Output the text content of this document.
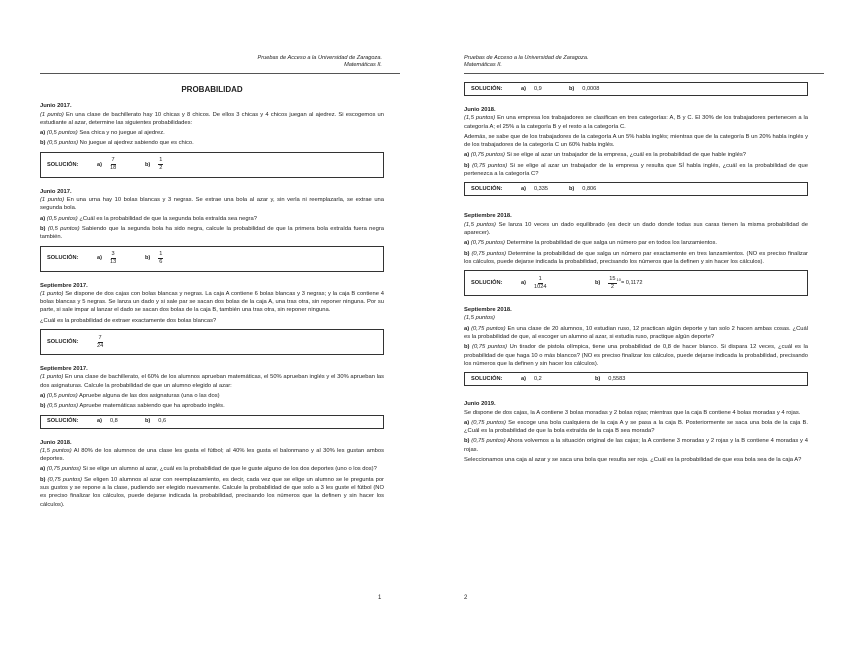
Pruebas de Acceso a la Universidad de Zaragoza.
Matemáticas II.
PROBABILIDAD

Junio 2017.

(1 punto) En una clase de bachillerato hay 10 chicas y 8 chicos. De ellos 3 chicas y 4 chicos juegan al ajedrez. Si escogemos un estudiante al azar, determine las siguientes probabilidades:

a) (0,5 puntos) Sea chica y no juegue al ajedrez.

b) (0,5 puntos) No juegue al ajedrez sabiendo que es chico.

SOLUCIÓN:	$a) \frac{7}{18}$	$b) \frac{1}{2}$

Junio 2017.

(1 punto) En una urna hay 10 bolas blancas y 3 negras. Se extrae una bola al azar y, sin verla ni reemplazarla, se extrae una segunda bola.

a) (0,5 puntos) ¿Cuál es la probabilidad de que la segunda bola extraída sea negra?

b) (0,5 puntos) Sabiendo que la segunda bola ha sido negra, calcule la probabilidad de que la primera bola extraída fuera negra también.

SOLUCIÓN:	$a) \frac{3}{13}$	$b) \frac{1}{6}$

Septiembre 2017.

(1 punto) Se dispone de dos cajas con bolas blancas y negras. La caja A contiene 6 bolas blancas y 3 negras; y la caja B contiene 4 bolas blancas y 5 negras. Se lanza un dado y si sale par se sacan dos bolas de la caja A, una tras otra, sin reponer ninguna. Por su parte, si sale impar al lanzar el dado se sacan dos bolas de la caja B, también una tras otra, sin reponer ninguna.

¿Cuál es la probabilidad de extraer exactamente dos bolas blancas?

SOLUCIÓN:	$\frac{7}{24}$

Septiembre 2017.

(1 punto) En una clase de bachillerato, el 60% de los alumnos aprueban matemáticas, el 50% aprueban inglés y el 30% aprueban las dos asignaturas. Calcule la probabilidad de que un alumno elegido al azar:

a) (0,5 puntos) Apruebe alguna de las dos asignaturas (una o las dos)

b) (0,5 puntos) Apruebe matemáticas sabiendo que ha aprobado inglés.

SOLUCIÓN:	a) 0,8	b) 0,6

Junio 2018.

(1,5 puntos) Al 80% de los alumnos de una clase les gusta el fútbol; al 40% les gusta el balonmano y al 30% les gustan ambos deportes.

a) (0,75 puntos) Si se elige un alumno al azar, ¿cuál es la probabilidad de que le guste alguno de los dos deportes (uno o los dos)?

b) (0,75 puntos) Se eligen 10 alumnos al azar con reemplazamiento, es decir, cada vez que se elige un alumno se le pregunta por sus gustos y se repone a la clase, pudiendo ser elegido nuevamente. Calcule la probabilidad de que solo a 3 les guste el fútbol (NO es preciso finalizar los cálculos, puede dejarse indicada la probabilidad, precisando los números que la definen y sin hacer los cálculos).

1
Pruebas de Acceso a la Universidad de Zaragoza.
Matemáticas II.
SOLUCIÓN:	a) 0,9	b) 0,0008

Junio 2018.

(1,5 puntos) En una empresa los trabajadores se clasifican en tres categorías: A, B y C. El 30% de los trabajadores pertenecen a la categoría A; el 25% a la categoría B y el resto a la categoría C.

Además, se sabe que de los trabajadores de la categoría A un 5% habla inglés; mientras que de la categoría B un 20% habla inglés y de los trabajadores de la categoría C un 60% habla inglés.

a) (0,75 puntos) Si se elige al azar un trabajador de la empresa, ¿cuál es la probabilidad de que hable inglés?

b) (0,75 puntos) Si se elige al azar un trabajador de la empresa y resulta que SÍ habla inglés, ¿cuál es la probabilidad de que pertenezca a la categoría C?

SOLUCIÓN:	a) 0,335	b) 0,806

Septiembre 2018.

(1,5 puntos) Se lanza 10 veces un dado equilibrado (es decir un dado donde todas sus caras tienen la misma probabilidad de aparecer).

a) (0,75 puntos) Determine la probabilidad de que salga un número par en todos los lanzamientos.

b) (0,75 puntos) Determine la probabilidad de que salga un número par exactamente en tres lanzamientos. (NO es preciso finalizar los cálculos, puede dejarse indicada la probabilidad, precisando los números que la definen y sin hacer los cálculos).

SOLUCIÓN:	$a) \frac{1}{1024}$	$b) \frac{15}{2}^{10}$
= 0,1172

Septiembre 2018.

(1,5 puntos)

a) (0,75 puntos) En una clase de 20 alumnos, 10 estudian ruso, 12 practican algún deporte y tan solo 2 hacen ambas cosas. ¿Cuál es la probabilidad de que, al escoger un alumno al azar, si estudia ruso, practique algún deporte?

b) (0,75 puntos) Un tirador de pistola olímpica, tiene una probabilidad de 0,8 de hacer blanco. Si dispara 12 veces, ¿cuál es la probabilidad de que haga 10 o más blancos? (NO es preciso finalizar los cálculos, puede dejarse indicada la probabilidad, precisando los números que la definen y sin hacer los cálculos).

SOLUCIÓN:	a) 0,2	b) 0,5583

Junio 2019.

Se dispone de dos cajas, la A contiene 3 bolas moradas y 2 bolas rojas; mientras que la caja B contiene 4 bolas moradas y 4 rojas.

a) (0,75 puntos) Se escoge una bola cualquiera de la caja A y se pasa a la caja B. Posteriormente se saca una bola de la caja B. ¿Cuál es la probabilidad de que la bola extraída de la caja B sea morada?

b) (0,75 puntos) Ahora volvemos a la situación original de las cajas; la A contiene 3 moradas y 2 rojas y la B contiene 4 moradas y 4 rojas.

Seleccionamos una caja al azar y se saca una bola que resulta ser roja. ¿Cuál es la probabilidad de que esa bola sea de la caja A?

2
